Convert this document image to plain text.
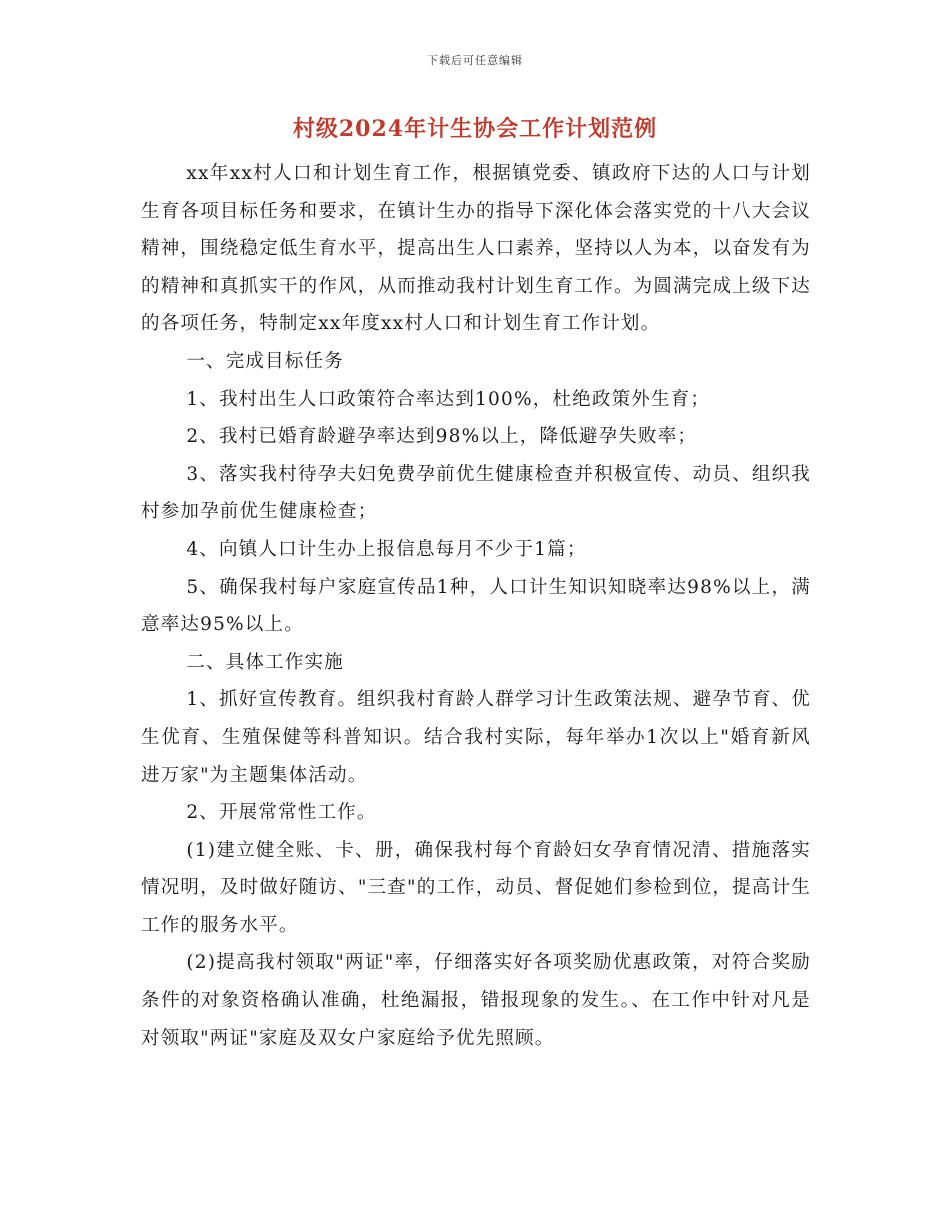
下载后可任意编辑
村级2024年计生协会工作计划范例

xx年xx村人口和计划生育工作，根据镇党委、镇政府下达的人口与计划生育各项目标任务和要求，在镇计生办的指导下深化体会落实党的十八大会议精神，围绕稳定低生育水平，提高出生人口素养，坚持以人为本，以奋发有为的精神和真抓实干的作风，从而推动我村计划生育工作。为圆满完成上级下达的各项任务，特制定xx年度xx村人口和计划生育工作计划。

一、完成目标任务

1、我村出生人口政策符合率达到100%，杜绝政策外生育；

2、我村已婚育龄避孕率达到98%以上，降低避孕失败率；

3、落实我村待孕夫妇免费孕前优生健康检查并积极宣传、动员、组织我村参加孕前优生健康检查；

4、向镇人口计生办上报信息每月不少于1篇；

5、确保我村每户家庭宣传品1种，人口计生知识知晓率达98%以上，满意率达95%以上。

二、具体工作实施

1、抓好宣传教育。组织我村育龄人群学习计生政策法规、避孕节育、优生优育、生殖保健等科普知识。结合我村实际，每年举办1次以上"婚育新风进万家"为主题集体活动。

2、开展常常性工作。

(1)建立健全账、卡、册，确保我村每个育龄妇女孕育情况清、措施落实情况明，及时做好随访、"三查"的工作，动员、督促她们参检到位，提高计生工作的服务水平。

(2)提高我村领取"两证"率，仔细落实好各项奖励优惠政策，对符合奖励条件的对象资格确认准确，杜绝漏报，错报现象的发生。、在工作中针对凡是对领取"两证"家庭及双女户家庭给予优先照顾。
